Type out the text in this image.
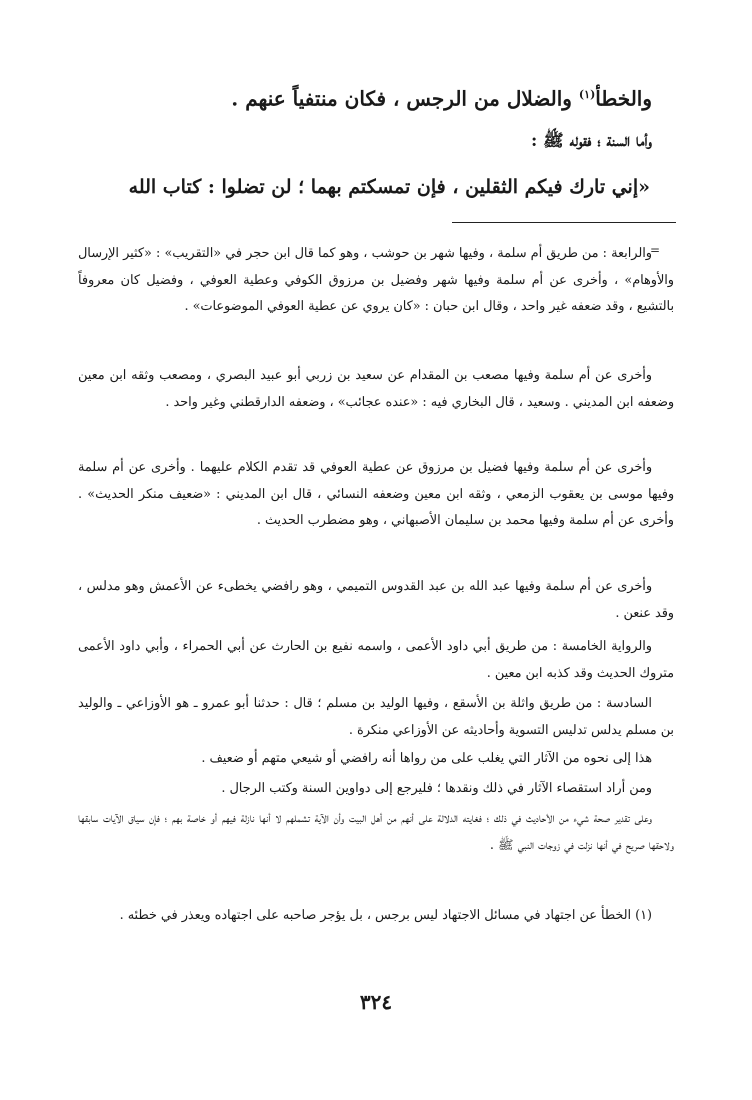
والخطأ$^{(١)}$ والضلال من الرجس ، فكان منتفياً عنهم .
وأما السنة ؛ فقوله ﷺ :
«إني تارك فيكم الثقلين ، فإن تمسكتم بهما ؛ لن تضلوا : كتاب الله
=

والرابعة : من طريق أم سلمة ، وفيها شهر بن حوشب ، وهو كما قال ابن حجر في «التقريب» : «كثير الإرسال والأوهام» ، وأخرى عن أم سلمة وفيها شهر وفضيل بن مرزوق الكوفي وعطية العوفي ، وفضيل كان معروفاً بالتشيع ، وقد ضعفه غير واحد ، وقال ابن حبان : «كان يروي عن عطية العوفي الموضوعات» .

وأخرى عن أم سلمة وفيها مصعب بن المقدام عن سعيد بن زربي أبو عبيد البصري ، ومصعب وثقه ابن معين وضعفه ابن المديني . وسعيد ، قال البخاري فيه : «عنده عجائب» ، وضعفه الدارقطني وغير واحد .

وأخرى عن أم سلمة وفيها فضيل بن مرزوق عن عطية العوفي قد تقدم الكلام عليهما . وأخرى عن أم سلمة وفيها موسى بن يعقوب الزمعي ، وثقه ابن معين وضعفه النسائي ، قال ابن المديني : «ضعيف منكر الحديث» . وأخرى عن أم سلمة وفيها محمد بن سليمان الأصبهاني ، وهو مضطرب الحديث .

وأخرى عن أم سلمة وفيها عبد الله بن عبد القدوس التميمي ، وهو رافضي يخطىء عن الأعمش وهو مدلس ، وقد عنعن .

والرواية الخامسة : من طريق أبي داود الأعمى ، واسمه نفيع بن الحارث عن أبي الحمراء ، وأبي داود الأعمى متروك الحديث وقد كذبه ابن معين .

السادسة : من طريق واثلة بن الأسقع ، وفيها الوليد بن مسلم ؛ قال : حدثنا أبو عمرو ـ هو الأوزاعي ـ والوليد بن مسلم يدلس تدليس التسوية وأحاديثه عن الأوزاعي منكرة .

هذا إلى نحوه من الآثار التي يغلب على من رواها أنه رافضي أو شيعي متهم أو ضعيف .

ومن أراد استقصاء الآثار في ذلك ونقدها ؛ فليرجع إلى دواوين السنة وكتب الرجال .

وعلى تقدير صحة شيء من الأحاديث في ذلك ؛ فغايته الدلالة على أنهم من أهل البيت وأن الآية تشملهم لا أنها نازلة فيهم أو خاصة بهم ؛ فإن سياق الآيات سابقها ولاحقها صريح في أنها نزلت في زوجات النبي ﷺ .

(١) الخطأ عن اجتهاد في مسائل الاجتهاد ليس برجس ، بل يؤجر صاحبه على اجتهاده ويعذر في خطئه .

٣٢٤
